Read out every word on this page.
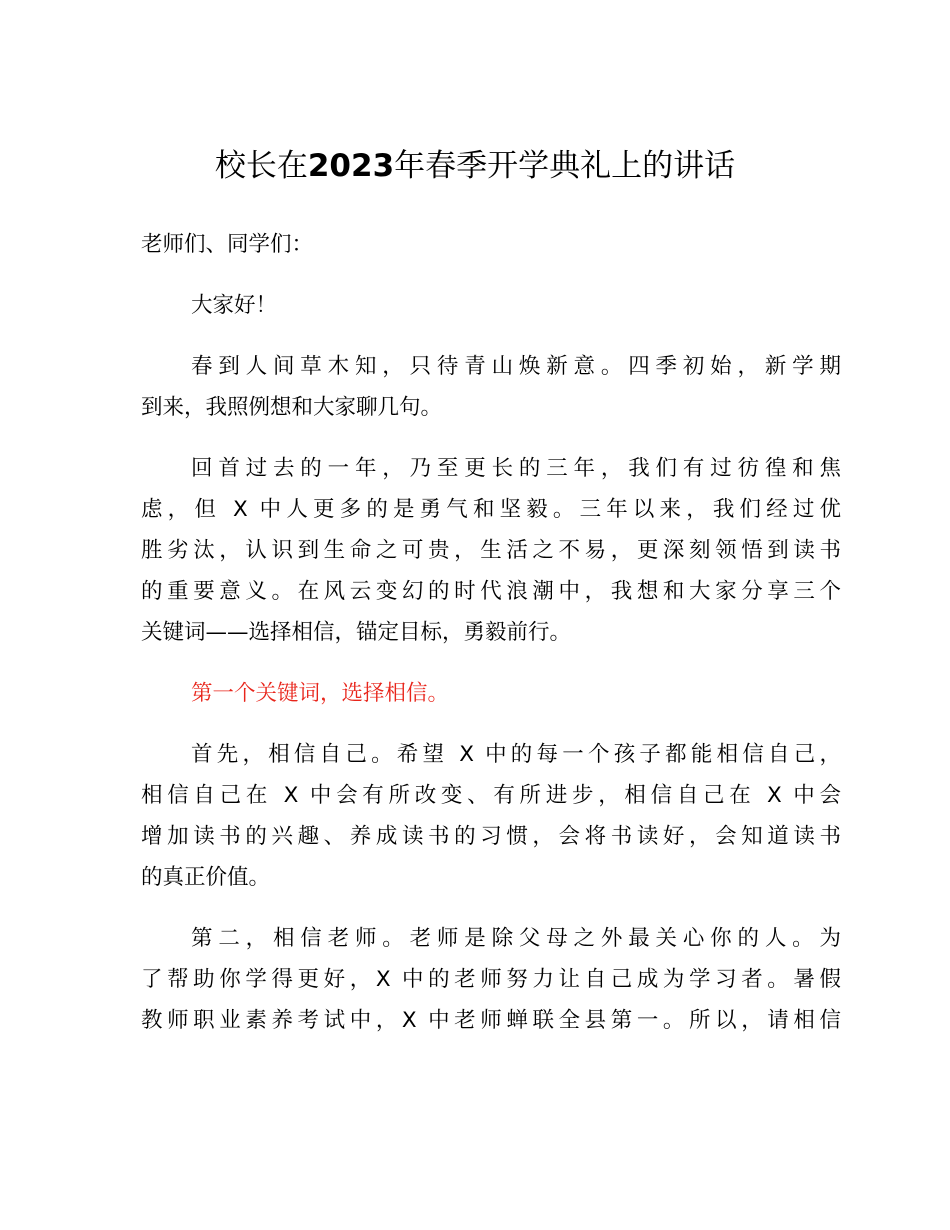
校长在2023年春季开学典礼上的讲话

老师们、同学们：

大家好！

春到人间草木知，只待青山焕新意。四季初始，新学期
到来，我照例想和大家聊几句。

回首过去的一年，乃至更长的三年，我们有过彷徨和焦
虑，但 X 中人更多的是勇气和坚毅。三年以来，我们经过优
胜劣汰，认识到生命之可贵，生活之不易，更深刻领悟到读书
的重要意义。在风云变幻的时代浪潮中，我想和大家分享三个
关键词——选择相信，锚定目标，勇毅前行。

第一个关键词，选择相信。

首先，相信自己。希望 X 中的每一个孩子都能相信自己，
相信自己在 X 中会有所改变、有所进步，相信自己在 X 中会
增加读书的兴趣、养成读书的习惯，会将书读好，会知道读书
的真正价值。

第二，相信老师。老师是除父母之外最关心你的人。为
了帮助你学得更好，X 中的老师努力让自己成为学习者。暑假
教师职业素养考试中，X 中老师蝉联全县第一。所以，请相信
